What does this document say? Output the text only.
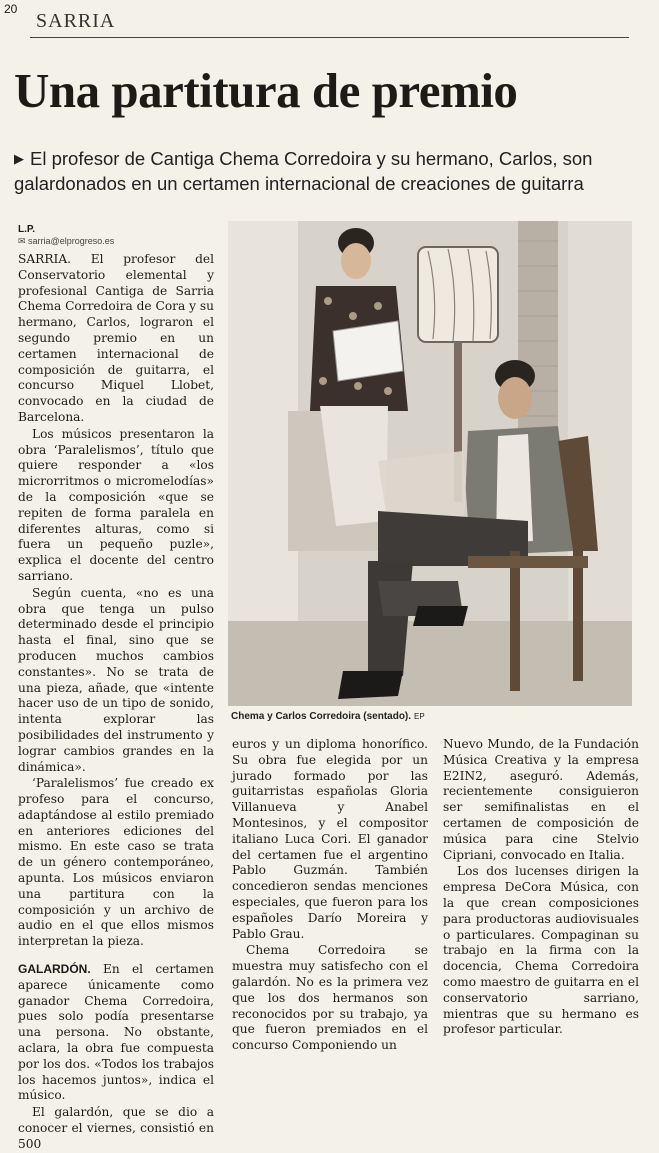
20
SARRIA
Una partitura de premio
▶ El profesor de Cantiga Chema Corredoira y su hermano, Carlos, son galardonados en un certamen internacional de creaciones de guitarra
L.P.
✉ sarria@elprogreso.es

SARRIA. El profesor del Conservatorio elemental y profesional Cantiga de Sarria Chema Corredoira de Cora y su hermano, Carlos, lograron el segundo premio en un certamen internacional de composición de guitarra, el concurso Miquel Llobet, convocado en la ciudad de Barcelona.

Los músicos presentaron la obra ‘Paralelismos’, título que quiere responder a «los microrritmos o micromelodías» de la composición «que se repiten de forma paralela en diferentes alturas, como si fuera un pequeño puzle», explica el docente del centro sarriano.

Según cuenta, «no es una obra que tenga un pulso determinado desde el principio hasta el final, sino que se producen muchos cambios constantes». No se trata de una pieza, añade, que «intente hacer uso de un tipo de sonido, intenta explorar las posibilidades del instrumento y lograr cambios grandes en la dinámica».

‘Paralelismos’ fue creado ex profeso para el concurso, adaptándose al estilo premiado en anteriores ediciones del mismo. En este caso se trata de un género contemporáneo, apunta. Los músicos enviaron una partitura con la composición y un archivo de audio en el que ellos mismos interpretan la pieza.

GALARDÓN. En el certamen aparece únicamente como ganador Chema Corredoira, pues solo podía presentarse una persona. No obstante, aclara, la obra fue compuesta por los dos. «Todos los trabajos los hacemos juntos», indica el músico.

El galardón, que se dio a conocer el viernes, consistió en 500

Chema y Carlos Corredoira (sentado). EP

euros y un diploma honorífico. Su obra fue elegida por un jurado formado por las guitarristas españolas Gloria Villanueva y Anabel Montesinos, y el compositor italiano Luca Cori. El ganador del certamen fue el argentino Pablo Guzmán. También concedieron sendas menciones especiales, que fueron para los españoles Darío Moreira y Pablo Grau.

Chema Corredoira se muestra muy satisfecho con el galardón. No es la primera vez que los dos hermanos son reconocidos por su trabajo, ya que fueron premiados en el concurso Componiendo un

Nuevo Mundo, de la Fundación Música Creativa y la empresa E2IN2, aseguró. Además, recientemente consiguieron ser semifinalistas en el certamen de composición de música para cine Stelvio Cipriani, convocado en Italia.

Los dos lucenses dirigen la empresa DeCora Música, con la que crean composiciones para productoras audiovisuales o particulares. Compaginan su trabajo en la firma con la docencia, Chema Corredoira como maestro de guitarra en el conservatorio sarriano, mientras que su hermano es profesor particular.
